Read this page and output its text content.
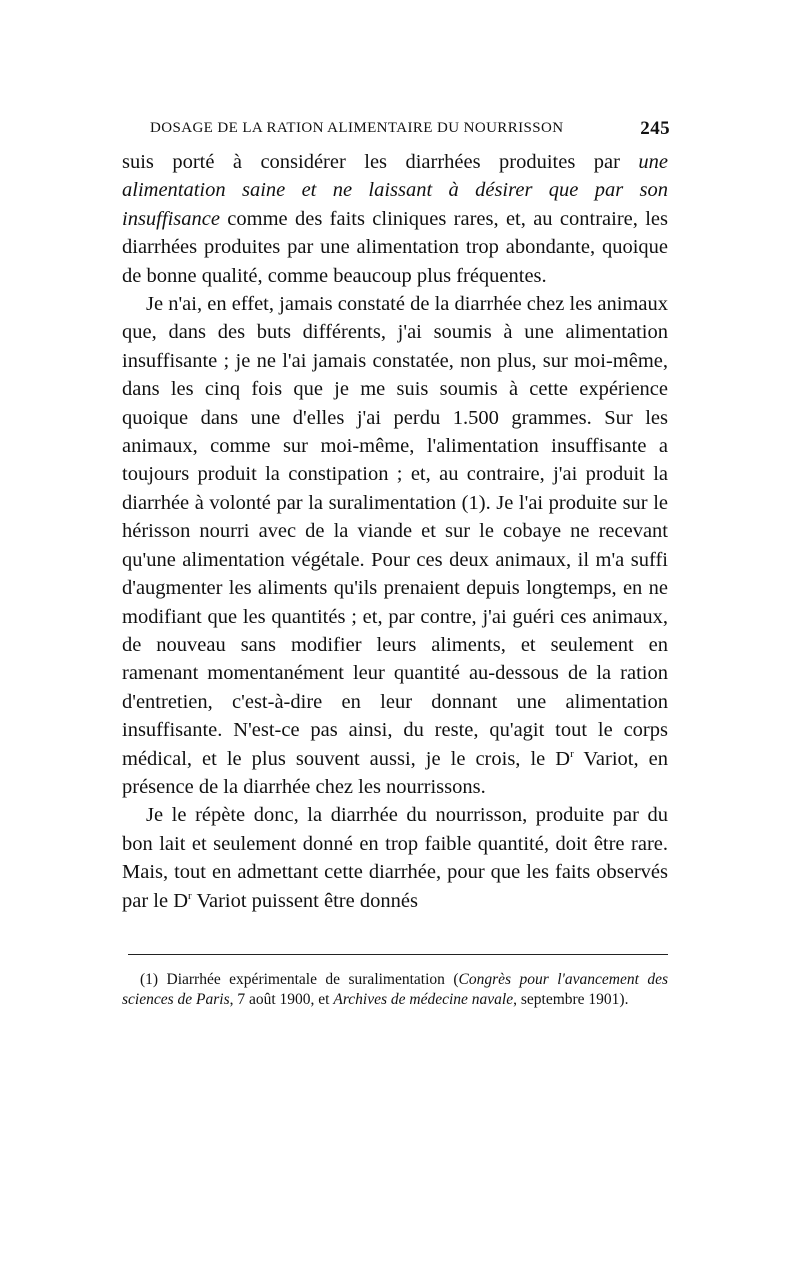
DOSAGE DE LA RATION ALIMENTAIRE DU NOURRISSON	245

suis porté à considérer les diarrhées produites par une alimentation saine et ne laissant à désirer que par son insuffisance comme des faits cliniques rares, et, au contraire, les diarrhées produites par une alimentation trop abondante, quoique de bonne qualité, comme beaucoup plus fréquentes.

Je n'ai, en effet, jamais constaté de la diarrhée chez les animaux que, dans des buts différents, j'ai soumis à une alimentation insuffisante ; je ne l'ai jamais constatée, non plus, sur moi-même, dans les cinq fois que je me suis soumis à cette expérience quoique dans une d'elles j'ai perdu 1.500 grammes. Sur les animaux, comme sur moi-même, l'alimentation insuffisante a toujours produit la constipation ; et, au contraire, j'ai produit la diarrhée à volonté par la suralimentation (1). Je l'ai produite sur le hérisson nourri avec de la viande et sur le cobaye ne recevant qu'une alimentation végétale. Pour ces deux animaux, il m'a suffi d'augmenter les aliments qu'ils prenaient depuis longtemps, en ne modifiant que les quantités ; et, par contre, j'ai guéri ces animaux, de nouveau sans modifier leurs aliments, et seulement en ramenant momentanément leur quantité au-dessous de la ration d'entretien, c'est-à-dire en leur donnant une alimentation insuffisante. N'est-ce pas ainsi, du reste, qu'agit tout le corps médical, et le plus souvent aussi, je le crois, le $D^r$ Variot, en présence de la diarrhée chez les nourrissons.

Je le répète donc, la diarrhée du nourrisson, produite par du bon lait et seulement donné en trop faible quantité, doit être rare. Mais, tout en admettant cette diarrhée, pour que les faits observés par le $D^r$ Variot puissent être donnés

(1) Diarrhée expérimentale de suralimentation (Congrès pour l'avancement des sciences de Paris, 7 août 1900, et Archives de médecine navale, septembre 1901).
